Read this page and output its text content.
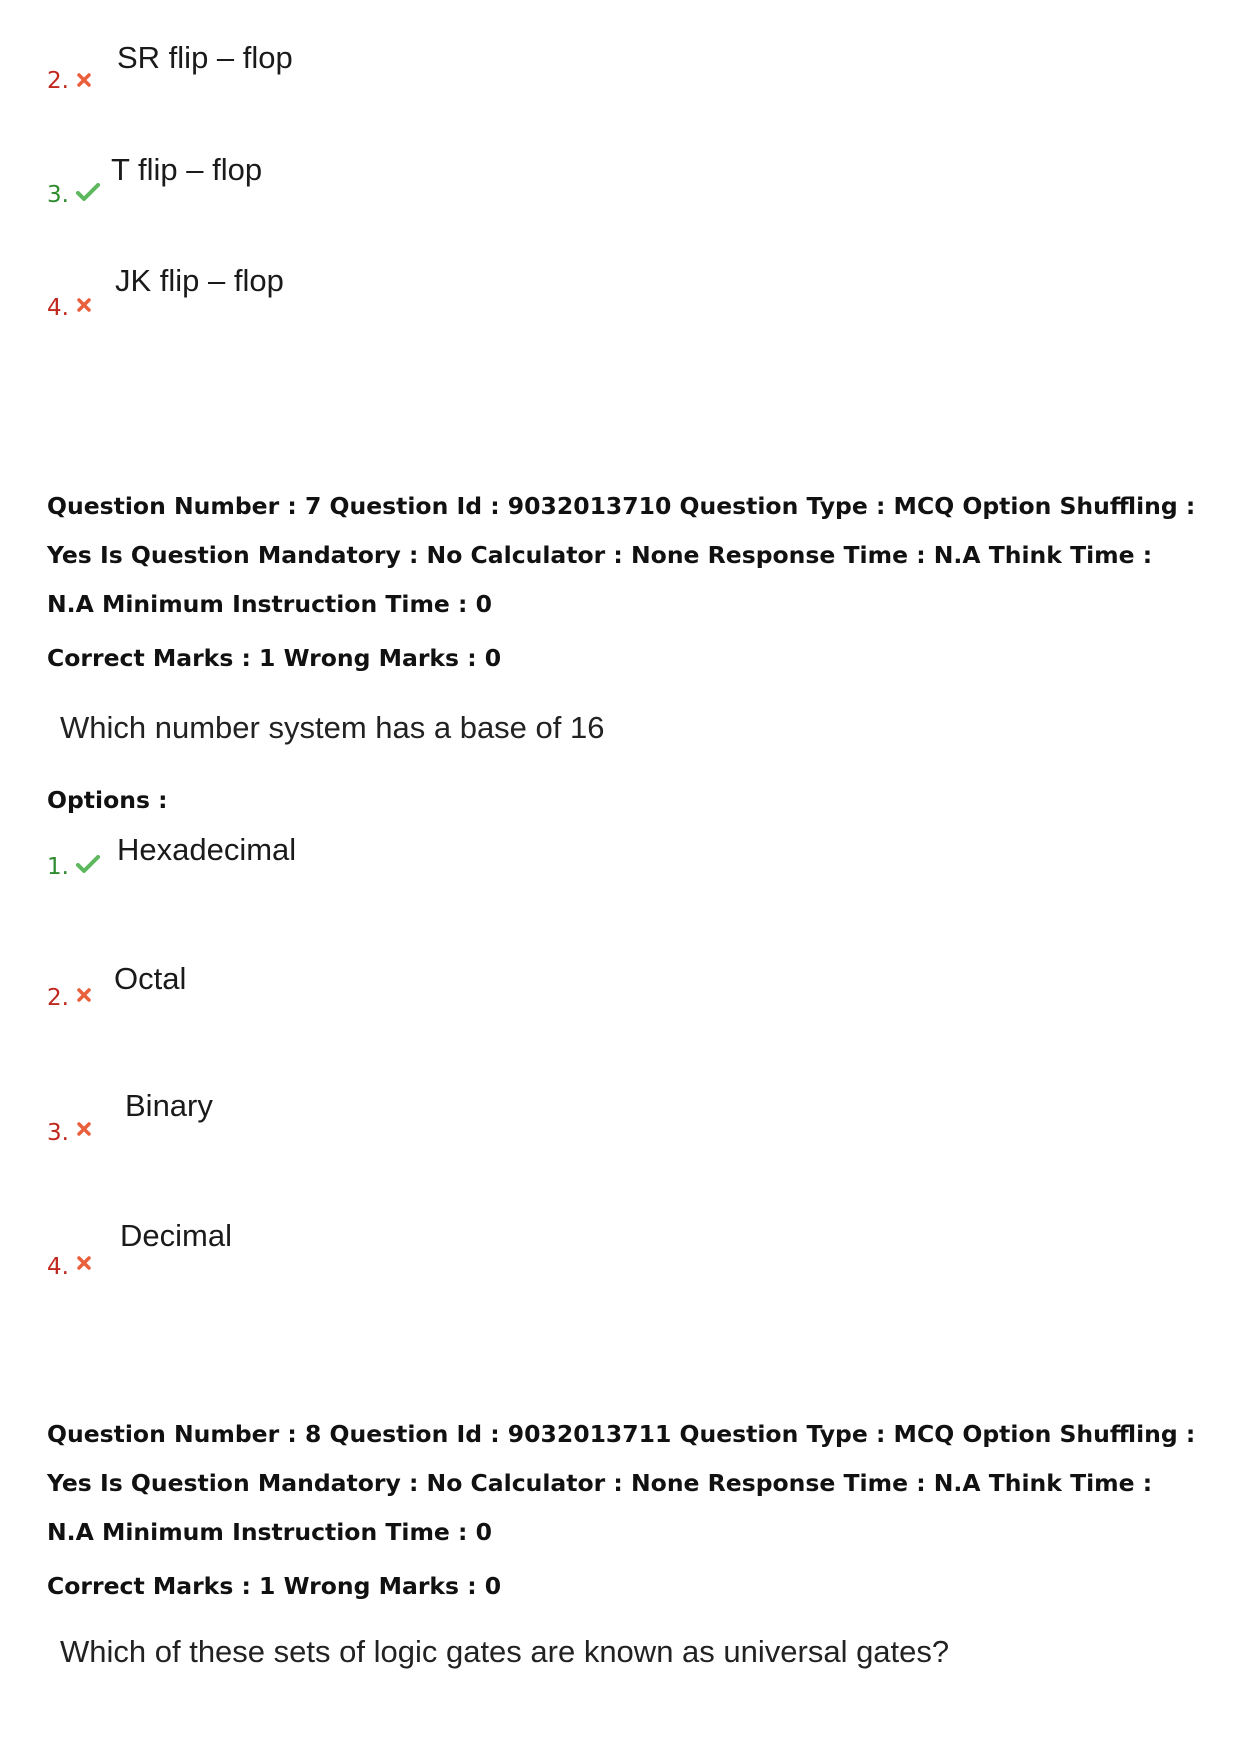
2.
SR flip – flop
3.
T flip – flop
4.
JK flip – flop

Question Number : 7 Question Id : 9032013710 Question Type : MCQ Option Shuffling : Yes Is Question Mandatory : No Calculator : None Response Time : N.A Think Time : N.A Minimum Instruction Time : 0

Correct Marks : 1 Wrong Marks : 0
Which number system has a base of 16
Options :
1. Hexadecimal
2.
Octal
3.
Binary
4.
Decimal

Question Number : 8 Question Id : 9032013711 Question Type : MCQ Option Shuffling : Yes Is Question Mandatory : No Calculator : None Response Time : N.A Think Time : N.A Minimum Instruction Time : 0

Correct Marks : 1 Wrong Marks : 0
Which of these sets of logic gates are known as universal gates?
